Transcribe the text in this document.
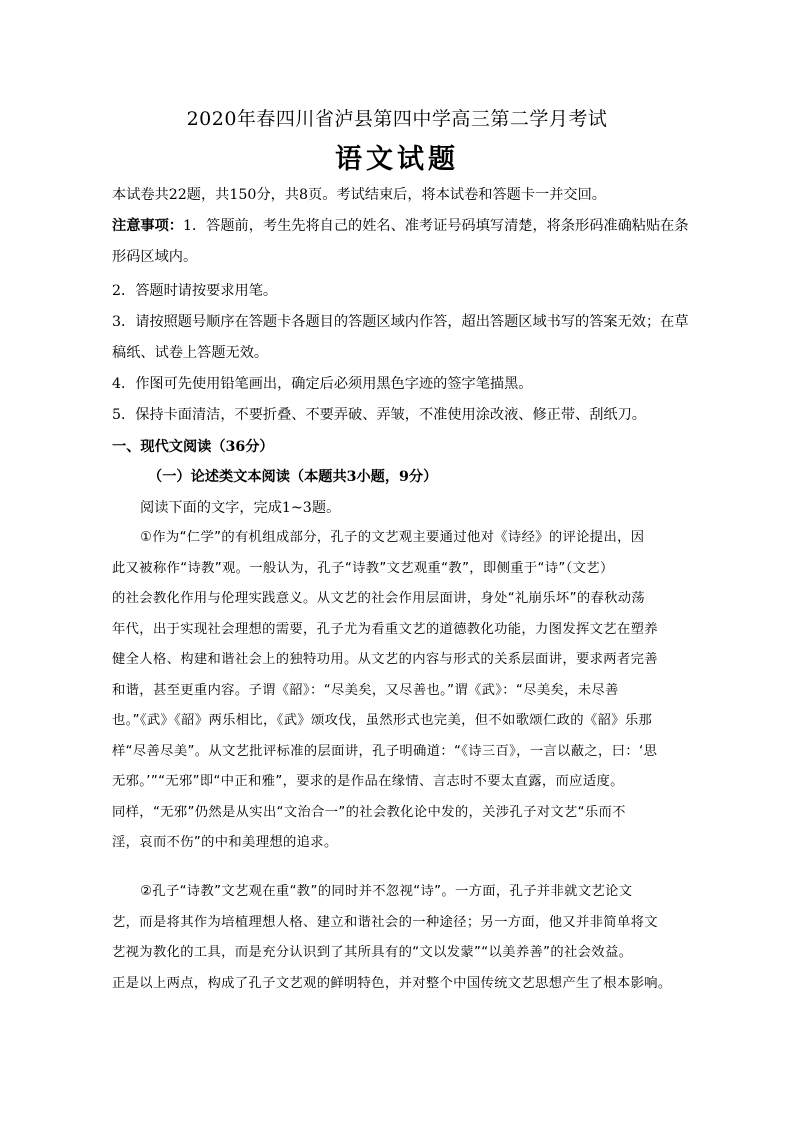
2020年春四川省泸县第四中学高三第二学月考试
语文试题
本试卷共22题，共150分，共8页。考试结束后，将本试卷和答题卡一并交回。
注意事项：1．答题前，考生先将自己的姓名、准考证号码填写清楚，将条形码准确粘贴在条
形码区域内。
2．答题时请按要求用笔。
3．请按照题号顺序在答题卡各题目的答题区域内作答，超出答题区域书写的答案无效；在草
稿纸、试卷上答题无效。
4．作图可先使用铅笔画出，确定后必须用黑色字迹的签字笔描黑。
5．保持卡面清洁，不要折叠、不要弄破、弄皱，不准使用涂改液、修正带、刮纸刀。
一、现代文阅读（36分）
（一）论述类文本阅读（本题共3小题，9分）
阅读下面的文字，完成1~3题。
①作为“仁学”的有机组成部分，孔子的文艺观主要通过他对《诗经》的评论提出，因
此又被称作“诗教”观。一般认为，孔子“诗教”文艺观重“教”，即侧重于“诗”（文艺）
的社会教化作用与伦理实践意义。从文艺的社会作用层面讲，身处“礼崩乐坏”的春秋动荡
年代，出于实现社会理想的需要，孔子尤为看重文艺的道德教化功能，力图发挥文艺在塑养
健全人格、构建和谐社会上的独特功用。从文艺的内容与形式的关系层面讲，要求两者完善
和谐，甚至更重内容。子谓《韶》：“尽美矣，又尽善也。”谓《武》：“尽美矣，未尽善
也。”《武》《韶》两乐相比，《武》颂攻伐，虽然形式也完美，但不如歌颂仁政的《韶》乐那
样“尽善尽美”。从文艺批评标准的层面讲，孔子明确道：“《诗三百》，一言以蔽之，曰：‘思
无邪。’”“无邪”即“中正和雅”，要求的是作品在缘情、言志时不要太直露，而应适度。
同样，“无邪”仍然是从实出“文治合一”的社会教化论中发的，关涉孔子对文艺“乐而不
淫，哀而不伤”的中和美理想的追求。
②孔子“诗教”文艺观在重“教”的同时并不忽视“诗”。一方面，孔子并非就文艺论文
艺，而是将其作为培植理想人格、建立和谐社会的一种途径；另一方面，他又并非简单将文
艺视为教化的工具，而是充分认识到了其所具有的“文以发蒙”“以美养善”的社会效益。
正是以上两点，构成了孔子文艺观的鲜明特色，并对整个中国传统文艺思想产生了根本影响。
